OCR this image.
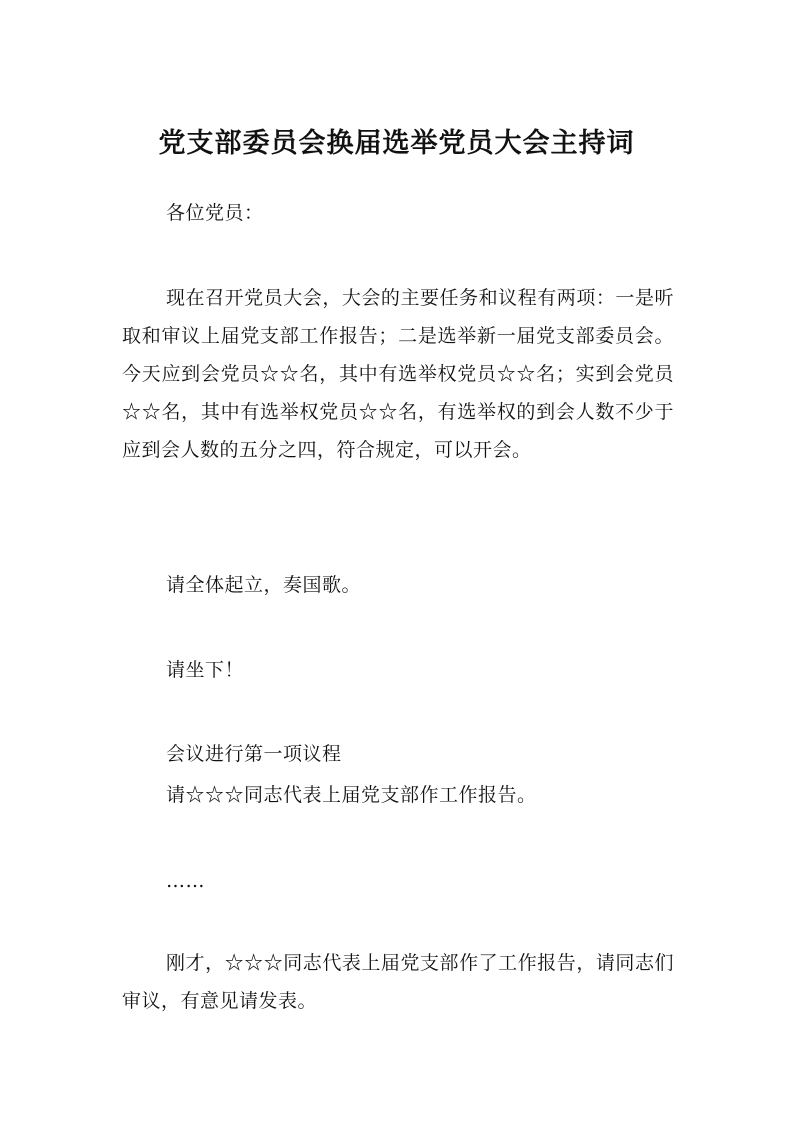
党支部委员会换届选举党员大会主持词
各位党员：

现在召开党员大会，大会的主要任务和议程有两项：一是听取和审议上届党支部工作报告；二是选举新一届党支部委员会。今天应到会党员☆☆名，其中有选举权党员☆☆名；实到会党员☆☆名，其中有选举权党员☆☆名，有选举权的到会人数不少于应到会人数的五分之四，符合规定，可以开会。

请全体起立，奏国歌。
请坐下！
会议进行第一项议程
请☆☆☆同志代表上届党支部作工作报告。
……

刚才，☆☆☆同志代表上届党支部作了工作报告，请同志们审议，有意见请发表。
